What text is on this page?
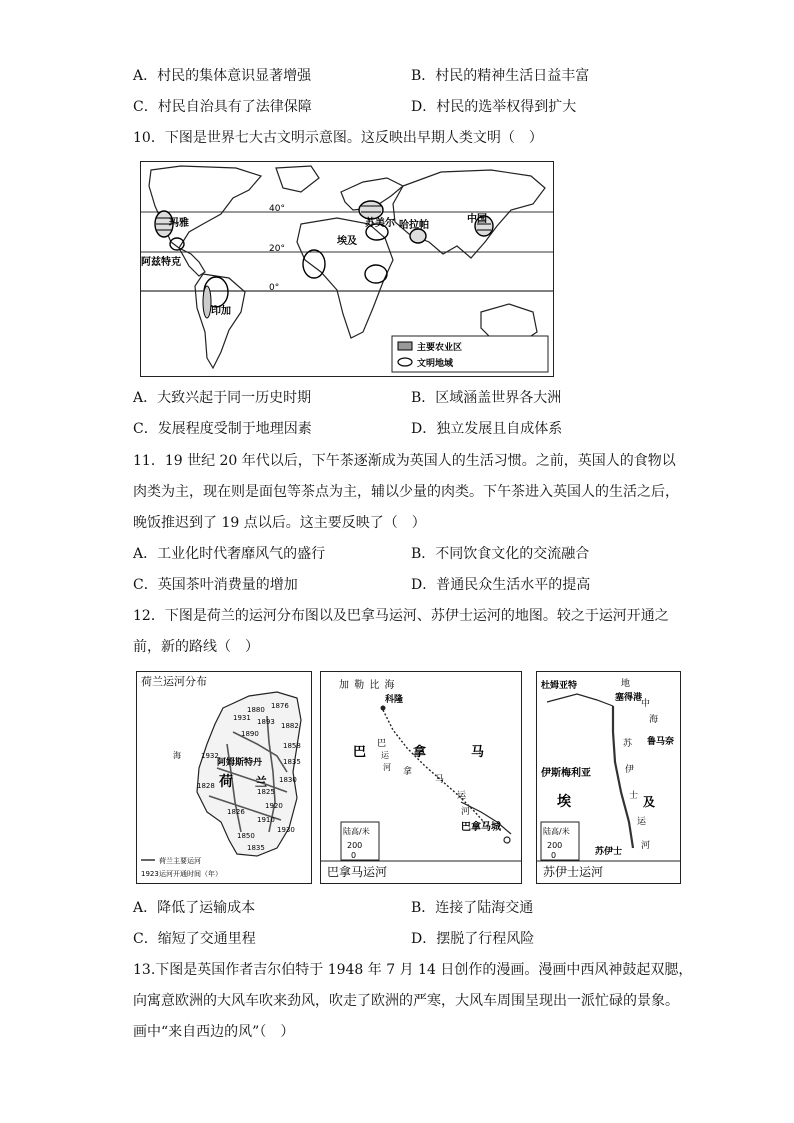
A．村民的集体意识显著增强	B．村民的精神生活日益丰富
C．村民自治具有了法律保障	D．村民的选举权得到扩大
10．下图是世界七大古文明示意图。这反映出早期人类文明（　）
40°
20°
0°
玛雅
阿兹特克
印加
苏美尔
埃及
哈拉帕
中国
主要农业区
文明地域
A．大致兴起于同一历史时期	B．区域涵盖世界各大洲
C．发展程度受制于地理因素	D．独立发展且自成体系
11．19 世纪 20 年代以后，下午茶逐渐成为英国人的生活习惯。之前，英国人的食物以
肉类为主，现在则是面包等茶点为主，辅以少量的肉类。下午茶进入英国人的生活之后，
晚饭推迟到了 19 点以后。这主要反映了（　）
A．工业化时代奢靡风气的盛行	B．不同饮食文化的交流融合
C．英国茶叶消费量的增加	D．普通民众生活水平的提高
12．下图是荷兰的运河分布图以及巴拿马运河、苏伊士运河的地图。较之于运河开通之
前，新的路线（　）
荷兰运河分布
1876
1880
1931 1893 1882
1890
1858
1932
1835
1830
1825
1828
1920
1826
1910
1930
1850
1835
海
阿姆斯特丹
荷 兰
荷兰主要运河
1923 运河开通时间（年）
加 勒 比 海
科隆
巴	拿	马
巴
拿
马
运
河
运
河
巴拿马城
陆高/米
200
0
巴拿马运河
杜姆亚特	地
塞得港
中
海
鲁马奈
伊斯梅利亚
埃	及
苏
伊
士
运
河
陆高/米
200
0	苏伊士
苏伊士运河
A．降低了运输成本	B．连接了陆海交通
C．缩短了交通里程	D．摆脱了行程风险
13.下图是英国作者吉尔伯特于 1948 年 7 月 14 日创作的漫画。漫画中西风神鼓起双腮，
向寓意欧洲的大风车吹来劲风，吹走了欧洲的严寒，大风车周围呈现出一派忙碌的景象。
画中“来自西边的风”（　）
